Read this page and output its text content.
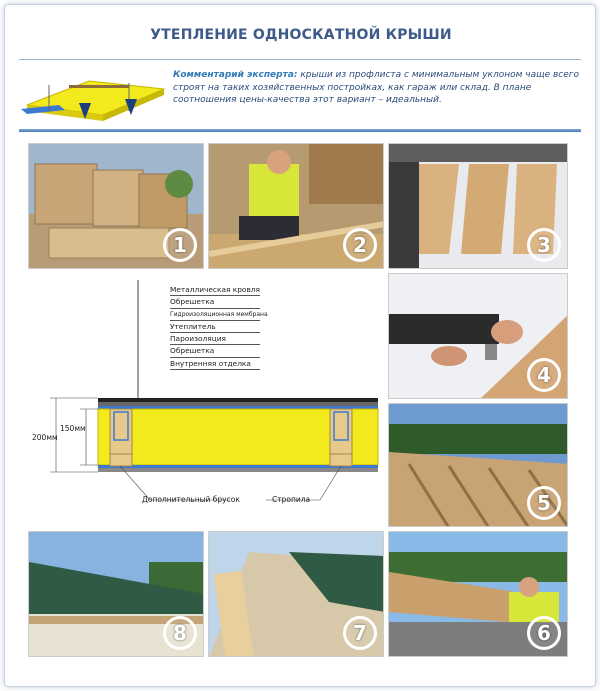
УТЕПЛЕНИЕ ОДНОСКАТНОЙ КРЫШИ
Комментарий эксперта: крыши из профлиста с минимальным уклоном чаще всего строят на таких хозяйственных постройках, как гараж или склад. В плане соотношения цены-качества этот вариант – идеальный.
1	2	3
Металлическая кровля
Обрешетка
Гидроизоляционная мембрана
Утеплитель
Пароизоляция
Обрешетка
Внутренняя отделка
200мм
150мм
Дополнительный брусок	Стропила
4
5
8	7	6
